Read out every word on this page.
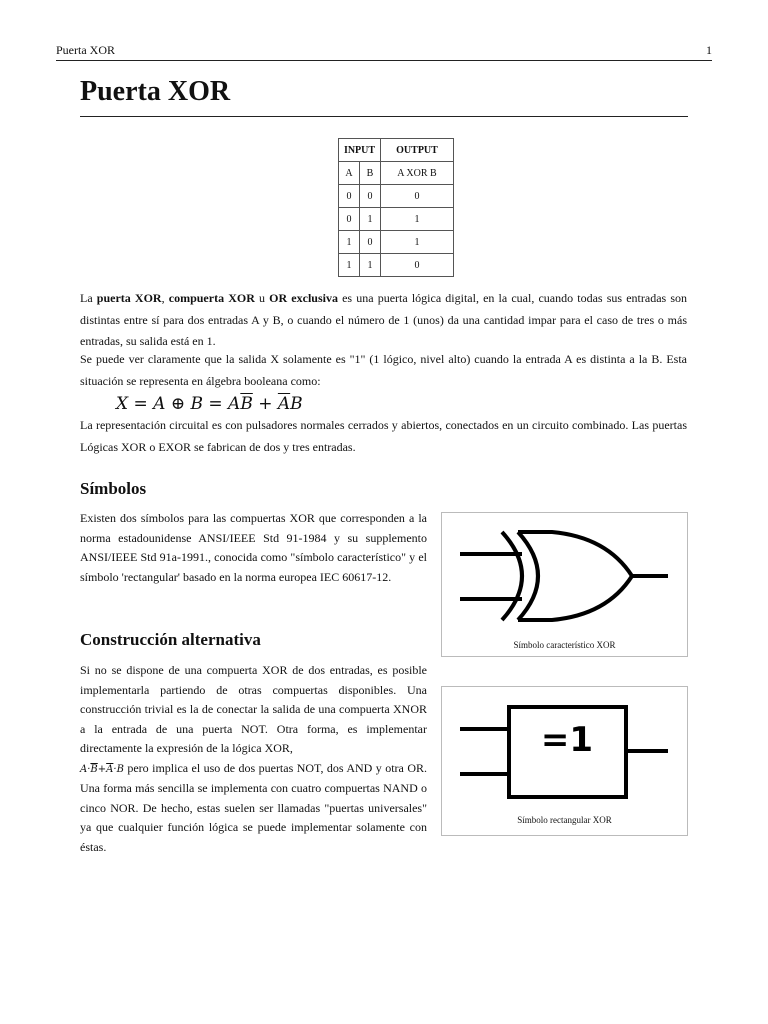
Puerta XOR	1
Puerta XOR
INPUT		OUTPUT
A	B	A XOR B
0	0	0
0	1	1
1	0	1
1	1	0

La puerta XOR, compuerta XOR u OR exclusiva es una puerta lógica digital, en la cual, cuando todas sus entradas son distintas entre sí para dos entradas A y B, o cuando el número de 1 (unos) da una cantidad impar para el caso de tres o más entradas, su salida está en 1.

Se puede ver claramente que la salida X solamente es "1" (1 lógico, nivel alto) cuando la entrada A es distinta a la B. Esta situación se representa en álgebra booleana como:

X = A ⊕ $B = A\overline{B} + \overline{A}B$

La representación circuital es con pulsadores normales cerrados y abiertos, conectados en un circuito combinado. Las puertas Lógicas XOR o EXOR se fabrican de dos y tres entradas.

Símbolos

Existen dos símbolos para las compuertas XOR que corresponden a la norma estadounidense ANSI/IEEE Std 91-1984 y su supplemento ANSI/IEEE Std 91a-1991., conocida como "símbolo característico" y el símbolo 'rectangular' basado en la norma europea IEC 60617-12.

Construcción alternativa

Si no se dispone de una compuerta XOR de dos entradas, es posible implementarla partiendo de otras compuertas disponibles. Una construcción trivial es la de conectar la salida de una compuerta XNOR a la entrada de una puerta NOT. Otra forma, es implementar directamente la expresión de la lógica XOR,
$A\cdot\overline{B}+\overline{A}\cdot B$ pero implica el uso de dos puertas NOT, dos AND y otra OR. Una forma más sencilla se implementa con cuatro compuertas NAND o cinco NOR. De hecho, estas suelen ser llamadas "puertas universales" ya que cualquier función lógica se puede implementar solamente con éstas.

Símbolo característico XOR
=1
Símbolo rectangular XOR
